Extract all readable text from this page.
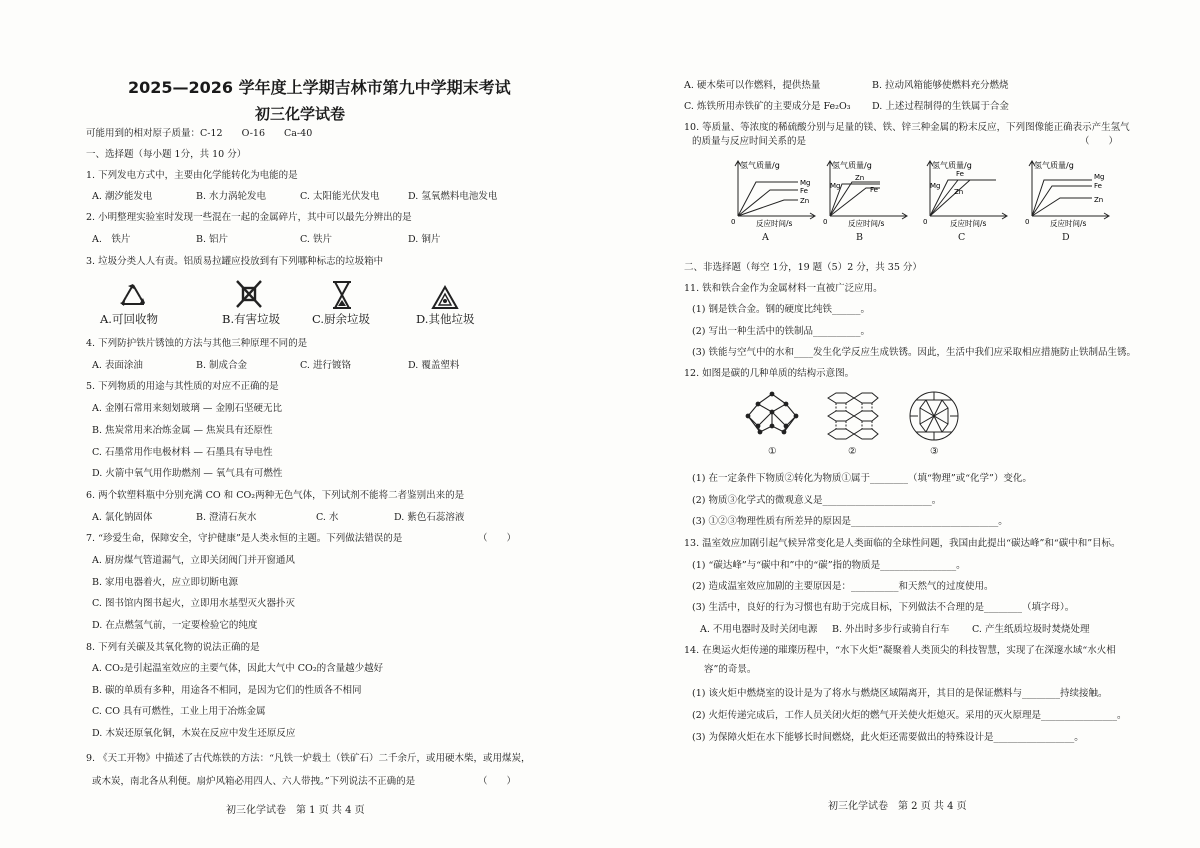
2025—2026 学年度上学期吉林市第九中学期末考试
初三化学试卷
可能用到的相对原子质量：C-12　　O-16　　Ca-40
一、选择题（每小题 1分，共 10 分）
1. 下列发电方式中，主要由化学能转化为电能的是
A. 潮汐能发电	B. 水力涡轮发电	C. 太阳能光伏发电	D. 氢氧燃料电池发电
2. 小明整理实验室时发现一些混在一起的金属碎片，其中可以最先分辨出的是
A.　铁片	B. 铝片	C. 铁片	D. 铜片
3. 垃圾分类人人有责。铝质易拉罐应投放到有下列哪种标志的垃圾箱中
A.可回收物	B.有害垃圾	C.厨余垃圾	D.其他垃圾
4. 下列防护铁片锈蚀的方法与其他三种原理不同的是
A. 表面涂油	B. 制成合金	C. 进行镀铬	D. 覆盖塑料
5. 下列物质的用途与其性质的对应不正确的是
A. 金刚石常用来刻划玻璃 — 金刚石坚硬无比
B. 焦炭常用来冶炼金属 — 焦炭具有还原性
C. 石墨常用作电极材料 — 石墨具有导电性
D. 火箭中氧气用作助燃剂 — 氧气具有可燃性
6. 两个软塑料瓶中分别充满 CO 和 CO₂两种无色气体，下列试剂不能将二者鉴别出来的是
A. 氯化钠固体	B. 澄清石灰水	C. 水	D. 紫色石蕊溶液
7. “珍爱生命，保障安全，守护健康”是人类永恒的主题。下列做法错误的是	（　　）
A. 厨房煤气管道漏气，立即关闭阀门并开窗通风
B. 家用电器着火，应立即切断电源
C. 图书馆内图书起火，立即用水基型灭火器扑灭
D. 在点燃氢气前，一定要检验它的纯度
8. 下列有关碳及其氧化物的说法正确的是
A. CO₂是引起温室效应的主要气体，因此大气中 CO₂的含量越少越好
B. 碳的单质有多种，用途各不相同，是因为它们的性质各不相同
C. CO 具有可燃性，工业上用于冶炼金属
D. 木炭还原氧化铜，木炭在反应中发生还原反应
9. 《天工开物》中描述了古代炼铁的方法：“凡铁一炉载土（铁矿石）二千余斤，或用硬木柴，或用煤炭，
或木炭，南北各从利便。扇炉风箱必用四人、六人带拽。”下列说法不正确的是	（　　）
初三化学试卷　第 1 页 共 4 页
A. 硬木柴可以作燃料，提供热量	B. 拉动风箱能够使燃料充分燃烧
C. 炼铁所用赤铁矿的主要成分是 Fe₂O₃ D. 上述过程制得的生铁属于合金
10. 等质量、等浓度的稀硫酸分别与足量的镁、铁、锌三种金属的粉末反应，下列图像能正确表示产生氢气
的质量与反应时间关系的是	（　　）
氢气质量/g
Mg
Fe
Zn
0	反应时间/s
A
氢气质量/g
Mg
Zn
Fe
0	反应时间/s
B
氢气质量/g
Mg
Fe
Zn
0	反应时间/s
C
氢气质量/g
Mg
Fe
Zn
0	反应时间/s
D
二、非选择题（每空 1分，19 题（5）2 分，共 35 分）
11. 铁和铁合金作为金属材料一直被广泛应用。
(1) 钢是铁合金。钢的硬度比纯铁______。
(2) 写出一种生活中的铁制品__________。
(3) 铁能与空气中的水和____发生化学反应生成铁锈。因此，生活中我们应采取相应措施防止铁制品生锈。
12. 如图是碳的几种单质的结构示意图。
①	②	③
(1) 在一定条件下物质②转化为物质①属于________（填“物理”或“化学”）变化。
(2) 物质③化学式的微观意义是_______________________。
(3) ①②③物理性质有所差异的原因是_______________________________。
13. 温室效应加剧引起气候异常变化是人类面临的全球性问题，我国由此提出“碳达峰”和“碳中和”目标。
(1) “碳达峰”与“碳中和”中的“碳”指的物质是________________。
(2) 造成温室效应加剧的主要原因是：__________和天然气的过度使用。
(3) 生活中，良好的行为习惯也有助于完成目标，下列做法不合理的是________（填字母）。
A. 不用电器时及时关闭电源 B. 外出时多步行或骑自行车 C. 产生纸质垃圾时焚烧处理
14. 在奥运火炬传递的璀璨历程中，“水下火炬”凝聚着人类顶尖的科技智慧，实现了在深邃水域“水火相
容”的奇景。
(1) 该火炬中燃烧室的设计是为了将水与燃烧区域隔离开，其目的是保证燃料与________持续接触。
(2) 火炬传递完成后，工作人员关闭火炬的燃气开关使火炬熄灭。采用的灭火原理是________________。
(3) 为保障火炬在水下能够长时间燃烧，此火炬还需要做出的特殊设计是_________________。
初三化学试卷　第 2 页 共 4 页
